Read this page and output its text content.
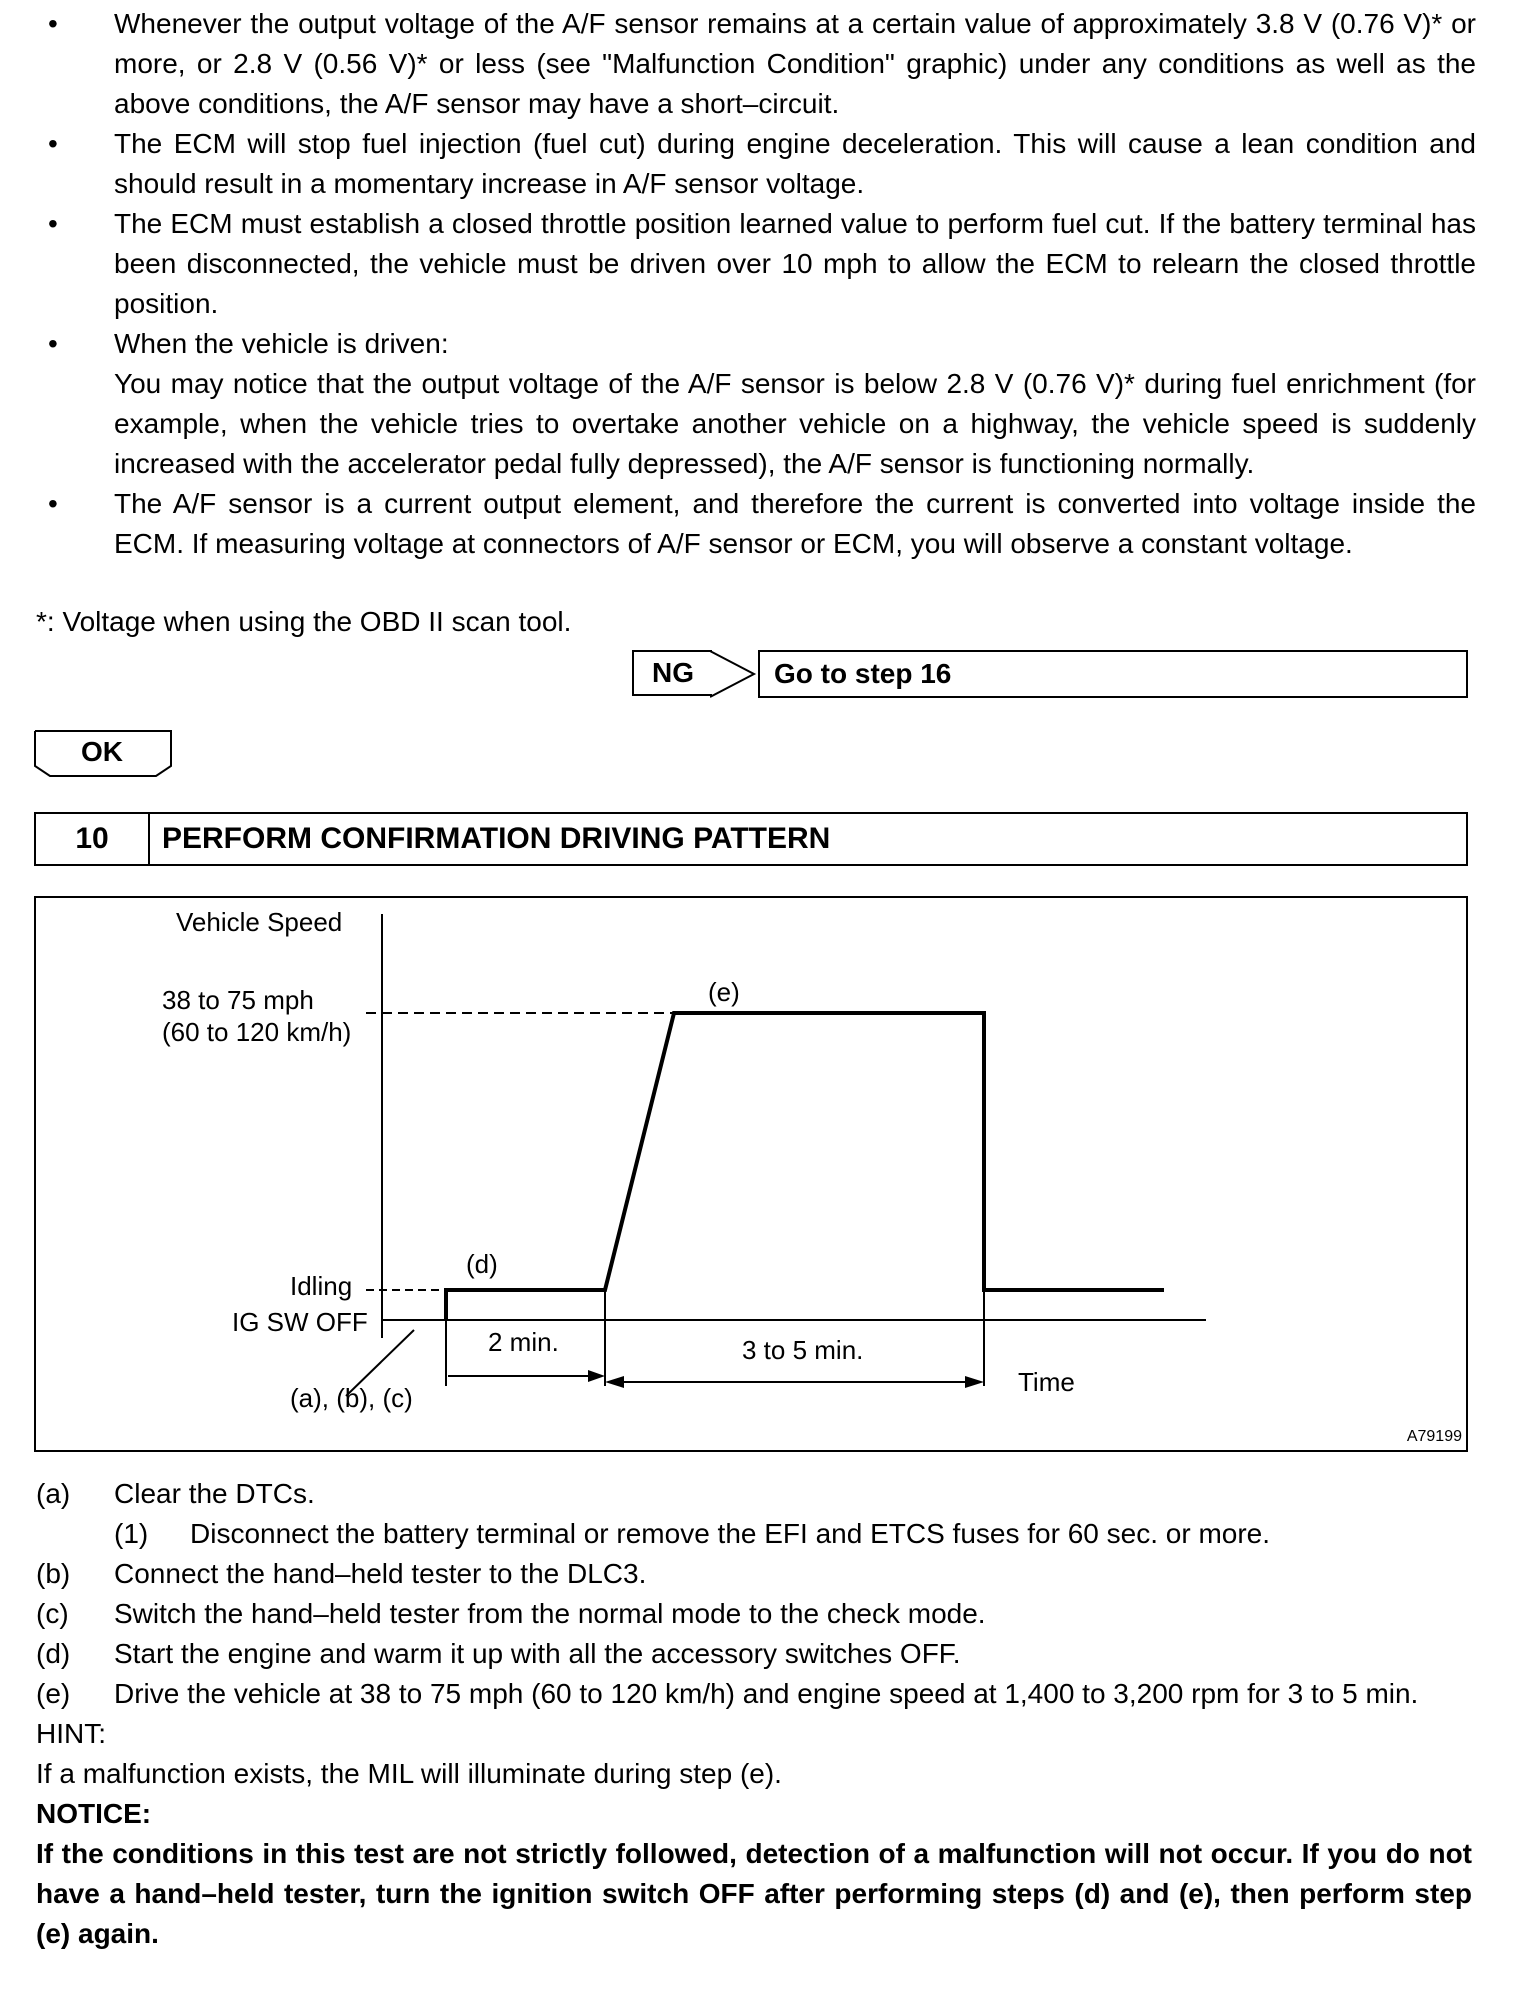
• Whenever the output voltage of the A/F sensor remains at a certain value of approximately 3.8 V (0.76 V)* or more, or 2.8 V (0.56 V)* or less (see "Malfunction Condition" graphic) under any conditions as well as the above conditions, the A/F sensor may have a short–circuit.
• The ECM will stop fuel injection (fuel cut) during engine deceleration. This will cause a lean condition and should result in a momentary increase in A/F sensor voltage.
• The ECM must establish a closed throttle position learned value to perform fuel cut. If the battery terminal has been disconnected, the vehicle must be driven over 10 mph to allow the ECM to relearn the closed throttle position.
• When the vehicle is driven:
You may notice that the output voltage of the A/F sensor is below 2.8 V (0.76 V)* during fuel enrichment (for example, when the vehicle tries to overtake another vehicle on a highway, the vehicle speed is suddenly increased with the accelerator pedal fully depressed), the A/F sensor is functioning normally.
• The A/F sensor is a current output element, and therefore the current is converted into voltage inside the ECM. If measuring voltage at connectors of A/F sensor or ECM, you will observe a constant voltage.
*: Voltage when using the OBD II scan tool.
NG	Go to step 16
OK
10	PERFORM CONFIRMATION DRIVING PATTERN
Vehicle Speed
38 to 75 mph
(60 to 120 km/h)
(e)
(d)
Idling
IG SW OFF
2 min.	3 to 5 min.
Time
(a), (b), (c)
A79199
(a) Clear the DTCs.
(1) Disconnect the battery terminal or remove the EFI and ETCS fuses for 60 sec. or more.
(b) Connect the hand–held tester to the DLC3.
(c) Switch the hand–held tester from the normal mode to the check mode.
(d) Start the engine and warm it up with all the accessory switches OFF.
(e) Drive the vehicle at 38 to 75 mph (60 to 120 km/h) and engine speed at 1,400 to 3,200 rpm for 3 to 5 min.
HINT:
If a malfunction exists, the MIL will illuminate during step (e).
NOTICE:
If the conditions in this test are not strictly followed, detection of a malfunction will not occur. If you do not have a hand–held tester, turn the ignition switch OFF after performing steps (d) and (e), then perform step (e) again.
